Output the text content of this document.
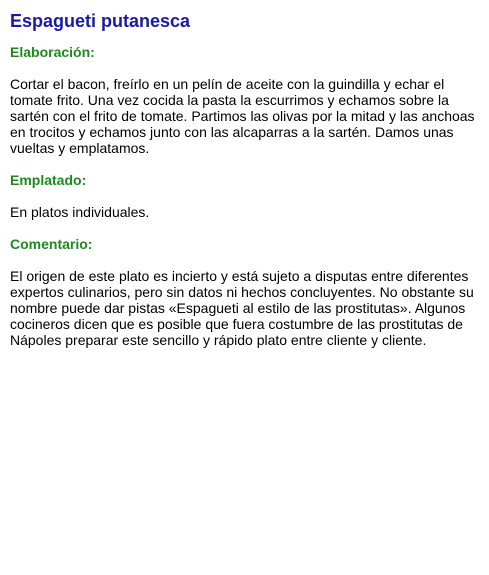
Espagueti putanesca
Elaboración:

Cortar el bacon, freírlo en un pelín de aceite con la guindilla y echar el tomate frito. Una vez cocida la pasta la escurrimos y echamos sobre la sartén con el frito de tomate. Partimos las olivas por la mitad y las anchoas en trocitos y echamos junto con las alcaparras a la sartén. Damos unas vueltas y emplatamos.

Emplatado:

En platos individuales.

Comentario:

El origen de este plato es incierto y está sujeto a disputas entre diferentes expertos culinarios, pero sin datos ni hechos concluyentes. No obstante su nombre puede dar pistas «Espagueti al estilo de las prostitutas». Algunos cocineros dicen que es posible que fuera costumbre de las prostitutas de Nápoles preparar este sencillo y rápido plato entre cliente y cliente.
